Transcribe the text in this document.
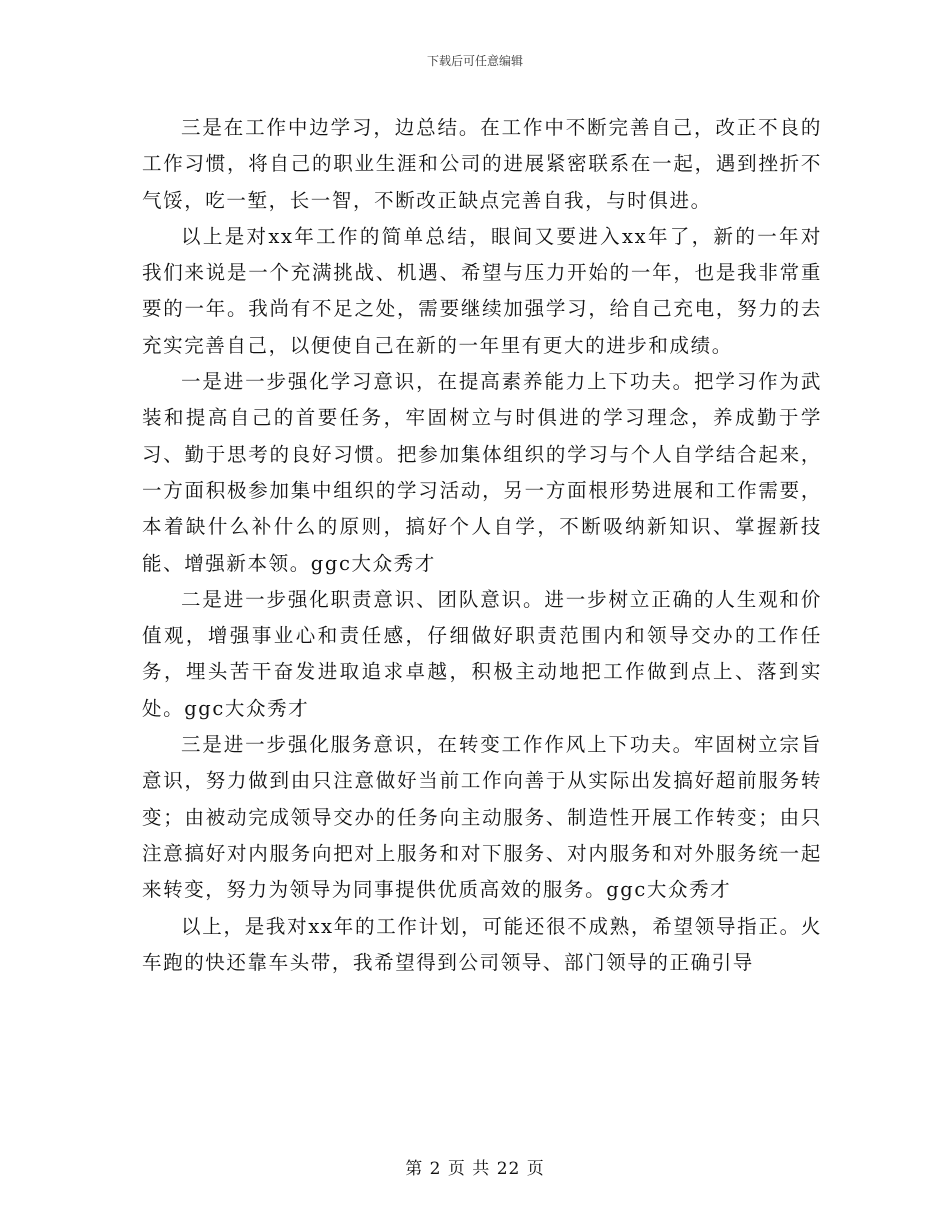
下载后可任意编辑

三是在工作中边学习，边总结。在工作中不断完善自己，改正不良的工作习惯，将自己的职业生涯和公司的进展紧密联系在一起，遇到挫折不气馁，吃一堑，长一智，不断改正缺点完善自我，与时俱进。

以上是对xx年工作的简单总结，眼间又要进入xx年了，新的一年对我们来说是一个充满挑战、机遇、希望与压力开始的一年，也是我非常重要的一年。我尚有不足之处，需要继续加强学习，给自己充电，努力的去充实完善自己，以便使自己在新的一年里有更大的进步和成绩。

一是进一步强化学习意识，在提高素养能力上下功夫。把学习作为武装和提高自己的首要任务，牢固树立与时俱进的学习理念，养成勤于学习、勤于思考的良好习惯。把参加集体组织的学习与个人自学结合起来，一方面积极参加集中组织的学习活动，另一方面根形势进展和工作需要，本着缺什么补什么的原则，搞好个人自学，不断吸纳新知识、掌握新技能、增强新本领。ggc大众秀才

二是进一步强化职责意识、团队意识。进一步树立正确的人生观和价值观，增强事业心和责任感，仔细做好职责范围内和领导交办的工作任务，埋头苦干奋发进取追求卓越，积极主动地把工作做到点上、落到实处。ggc大众秀才

三是进一步强化服务意识，在转变工作作风上下功夫。牢固树立宗旨意识，努力做到由只注意做好当前工作向善于从实际出发搞好超前服务转变；由被动完成领导交办的任务向主动服务、制造性开展工作转变；由只注意搞好对内服务向把对上服务和对下服务、对内服务和对外服务统一起来转变，努力为领导为同事提供优质高效的服务。ggc大众秀才

以上，是我对xx年的工作计划，可能还很不成熟，希望领导指正。火车跑的快还靠车头带，我希望得到公司领导、部门领导的正确引导

第 2 页 共 22 页
